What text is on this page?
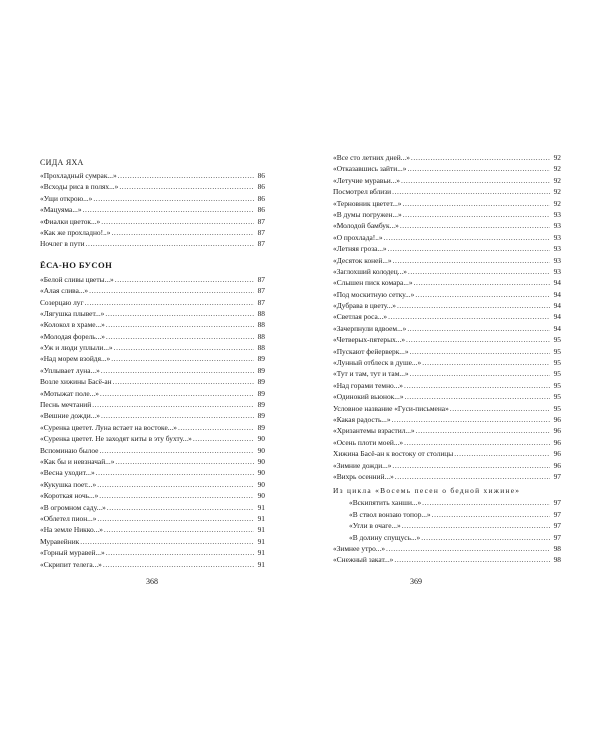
СИДА ЯХА
«Прохладный сумрак...» .....	86
«Всходы риса в полях...» .....	86
«Ущи открою...» .....	86
«Мацуяма...» .....	86
«Фиалки цветок...» .....	87
«Как же прохладно!..» .....	87
Ночлег в пути .....	87
ЁСА-НО БУСОН
«Белой сливы цветы...» .....	87
«Алая слива...» .....	87
Созерцаю луг .....	87
«Лягушка плывет...» .....	88
«Колокол в храме...» .....	88
«Молодая форель...» .....	88
«Уж и люди уплыли...» .....	88
«Над морем взойдя...» .....	89
«Уплывает луна...» .....	89
Возле хижины Басё-ан .....	89
«Мотыжат поле...» .....	89
Песнь мечтаний .....	89
«Вешние дожди...» .....	89
«Суренка цветет. Луна встает на востоке...» .....	89
«Суренка цветет. Не заходят киты в эту бухту...» .....	90
Вспоминаю былое .....	90
«Как бы и невзначай...» .....	90
«Весна уходит...» .....	90
«Кукушка поет...» .....	90
«Короткая ночь...» .....	90
«В огромном саду...» .....	91
«Облетел пион...» .....	91
«На земле Никко...» .....	91
Муравейник .....	91
«Горный муравей...» .....	91
«Скрипит телега...» .....	91
368
«Все сто летних дней...» .....	92
«Отказавшись зайти...» .....	92
«Летучие муравьи...» .....	92
Посмотрел вблизи .....	92
«Терновник цветет...» .....	92
«В думы погружен...» .....	93
«Молодой бамбук...» .....	93
«О прохлада!..» .....	93
«Летняя гроза...» .....	93
«Десяток коней...» .....	93
«Заглохший колодец...» .....	93
«Слышен писк комара...» .....	94
«Под москитную сетку...» .....	94
«Дубрава в цвету...» .....	94
«Светлая роса...» .....	94
«Зачерпнули вдвоем...» .....	94
«Четверых-пятерых...» .....	95
«Пускают фейерверк...» .....	95
«Лунный отблеск в душе...» .....	95
«Тут и там, тут и там...» .....	95
«Над горами темно...» .....	95
«Одинокий вьюнок...» .....	95
Условное название «Гуси-письмена» .....	95
«Какая радость...» .....	96
«Хризантемы взрастил...» .....	96
«Осень плоти моей...» .....	96
Хижина Басё-ан к востоку от столицы .....	96
«Зимние дожди...» .....	96
«Вихрь осенний...» .....	97
Из цикла «Восемь песен о бедной хижине»
«Вскипятить ханши...» .....	97
«В ствол вонзаю топор...» .....	97
«Угли в очаге...» .....	97
«В долину спущусь...» .....	97
«Зимнее утро...» .....	98
«Снежный закат...» .....	98
369
